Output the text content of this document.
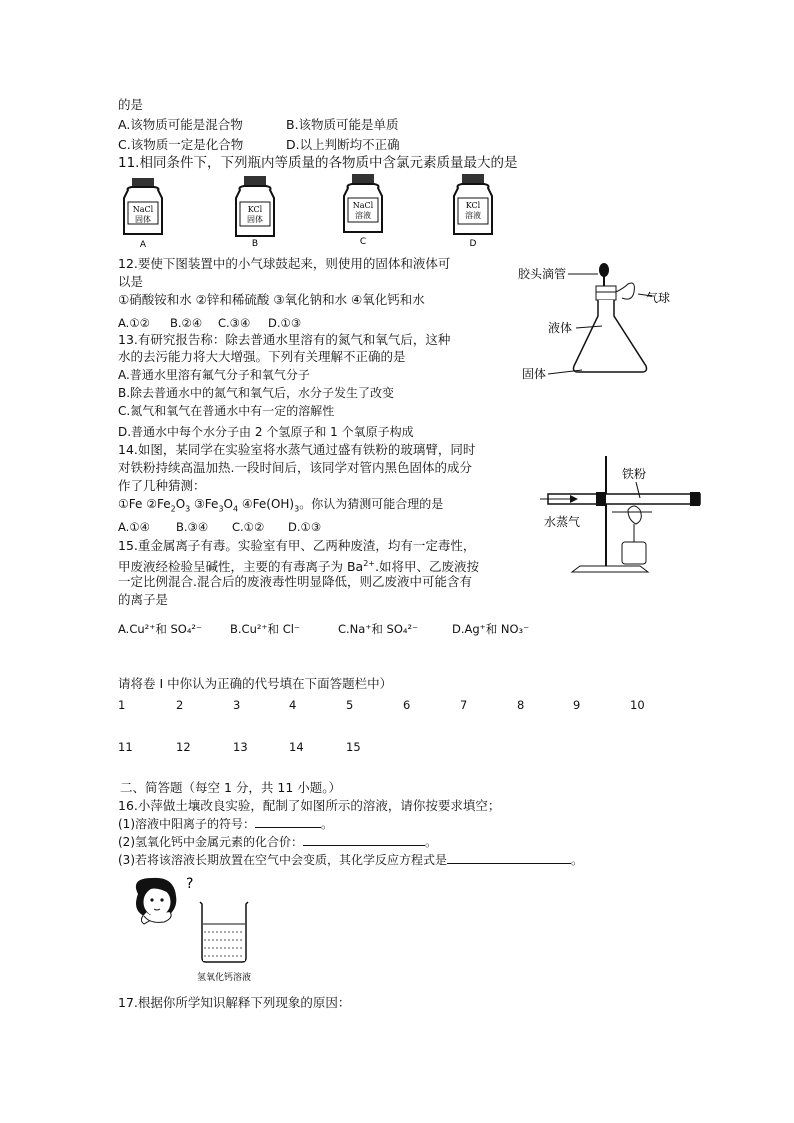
的是
A.该物质可能是混合物	B.该物质可能是单质
C.该物质一定是化合物	D.以上判断均不正确
11.相同条件下，下列瓶内等质量的各物质中含氯元素质量最大的是
NaCl
固体
A
KCl
固体
B
NaCl
溶液
C
KCl
溶液
D
12.要使下图装置中的小气球鼓起来，则使用的固体和液体可
以是
①硝酸铵和水 ②锌和稀硫酸 ③氧化钠和水 ④氧化钙和水
A.①② B.②④ C.③④ D.①③
胶头滴管
气球
液体
固体
13.有研究报告称：除去普通水里溶有的氮气和氧气后，这种
水的去污能力将大大增强。下列有关理解不正确的是
A.普通水里溶有氟气分子和氧气分子
B.除去普通水中的氮气和氧气后，水分子发生了改变
C.氮气和氧气在普通水中有一定的溶解性
D.普通水中每个水分子由 2 个氢原子和 1 个氧原子构成
14.如图，某同学在实验室将水蒸气通过盛有铁粉的玻璃臂，同时
对铁粉持续高温加热.一段时间后，该同学对管内黑色固体的成分
作了几种猜测：
①Fe $②Fe_2O_3$ $③Fe_3O_4$ $④Fe(OH)_3$。你认为猜测可能合理的是
A.①④ B.③④ C.①② D.①③
铁粉
水蒸气
15.重金属离子有毒。实验室有甲、乙两种废渣，均有一定毒性，
甲废液经检验呈碱性，主要的有毒离子为 $Ba^{2+}$.如将甲、乙废液按
一定比例混合.混合后的废液毒性明显降低，则乙废液中可能含有
的离子是
A.Cu²⁺和 SO₄²⁻ B.Cu²⁺和 Cl⁻	C.Na⁺和 SO₄²⁻	D.Ag⁺和 NO₃⁻
请将卷 I 中你认为正确的代号填在下面答题栏中）
1	2	3	4	5	6	7	8	9	10
11	12	13	14	15
二、简答题（每空 1 分，共 11 小题。）
16.小萍做土壤改良实验，配制了如图所示的溶液，请你按要求填空；
(1)溶液中阳离子的符号：	。
(2)氢氧化钙中金属元素的化合价：	。
(3)若将该溶液长期放置在空气中会变质，其化学反应方程式是	。
?
氢氧化钙溶液
17.根据你所学知识解释下列现象的原因：
